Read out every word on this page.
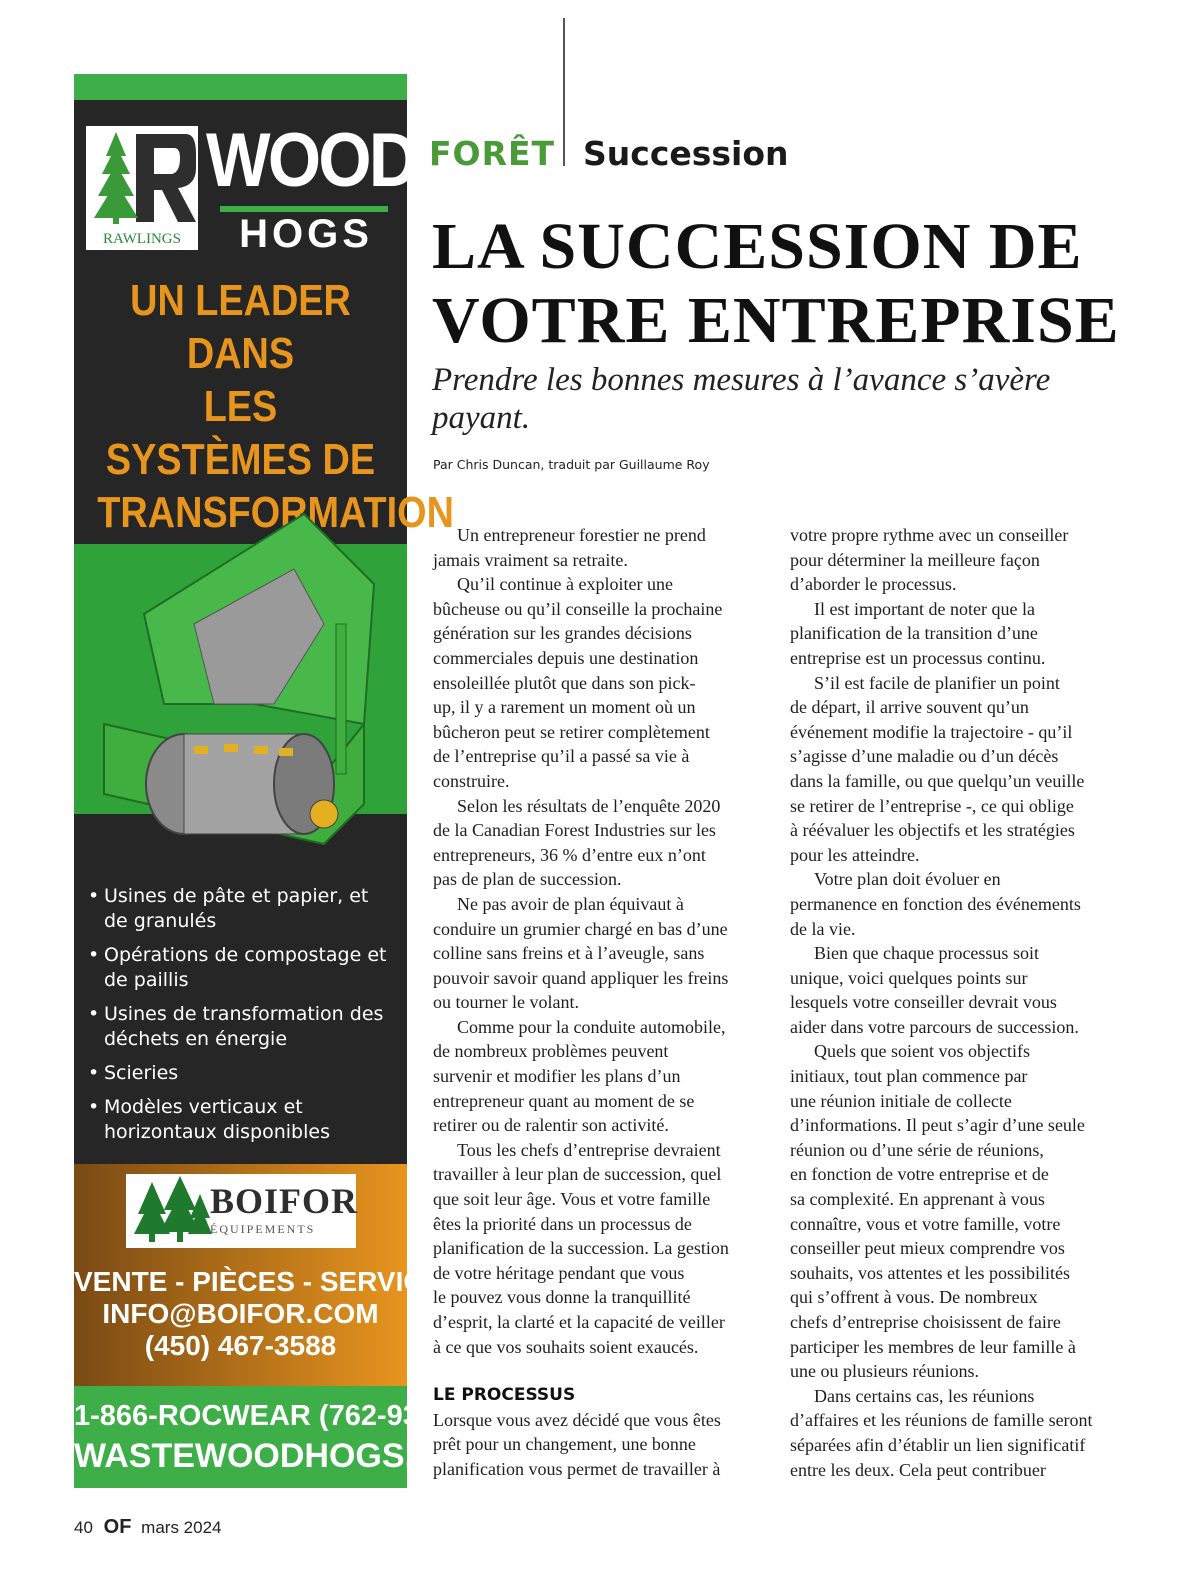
RAWLINGS
WOOD
HOGS
UN LEADER DANS
LES SYSTÈMES DE
TRANSFORMATION
• Usines de pâte et papier, et de granulés
• Opérations de compostage et de paillis
• Usines de transformation des déchets en énergie
• Scieries
• Modèles verticaux et horizontaux disponibles
BOIFOR
ÉQUIPEMENTS
VENTE - PIÈCES - SERVICE
INFO@BOIFOR.COM
(450) 467-3588
1-866-ROCWEAR (762-9327)
WASTEWOODHOGS.com
FORÊT Succession
LA SUCCESSION DE
VOTRE ENTREPRISE
Prendre les bonnes mesures à l’avance s’avère payant.
Par Chris Duncan, traduit par Guillaume Roy
Un entrepreneur forestier ne prend
jamais vraiment sa retraite.
Qu’il continue à exploiter une
bûcheuse ou qu’il conseille la prochaine
génération sur les grandes décisions
commerciales depuis une destination
ensoleillée plutôt que dans son pick-
up, il y a rarement un moment où un
bûcheron peut se retirer complètement
de l’entreprise qu’il a passé sa vie à
construire.
Selon les résultats de l’enquête 2020
de la Canadian Forest Industries sur les
entrepreneurs, 36 % d’entre eux n’ont
pas de plan de succession.
Ne pas avoir de plan équivaut à
conduire un grumier chargé en bas d’une
colline sans freins et à l’aveugle, sans
pouvoir savoir quand appliquer les freins
ou tourner le volant.
Comme pour la conduite automobile,
de nombreux problèmes peuvent
survenir et modifier les plans d’un
entrepreneur quant au moment de se
retirer ou de ralentir son activité.
Tous les chefs d’entreprise devraient
travailler à leur plan de succession, quel
que soit leur âge. Vous et votre famille
êtes la priorité dans un processus de
planification de la succession. La gestion
de votre héritage pendant que vous
le pouvez vous donne la tranquillité
d’esprit, la clarté et la capacité de veiller
à ce que vos souhaits soient exaucés.
LE PROCESSUS
Lorsque vous avez décidé que vous êtes
prêt pour un changement, une bonne
planification vous permet de travailler à
votre propre rythme avec un conseiller
pour déterminer la meilleure façon
d’aborder le processus.
Il est important de noter que la
planification de la transition d’une
entreprise est un processus continu.
S’il est facile de planifier un point
de départ, il arrive souvent qu’un
événement modifie la trajectoire - qu’il
s’agisse d’une maladie ou d’un décès
dans la famille, ou que quelqu’un veuille
se retirer de l’entreprise -, ce qui oblige
à réévaluer les objectifs et les stratégies
pour les atteindre.
Votre plan doit évoluer en
permanence en fonction des événements
de la vie.
Bien que chaque processus soit
unique, voici quelques points sur
lesquels votre conseiller devrait vous
aider dans votre parcours de succession.
Quels que soient vos objectifs
initiaux, tout plan commence par
une réunion initiale de collecte
d’informations. Il peut s’agir d’une seule
réunion ou d’une série de réunions,
en fonction de votre entreprise et de
sa complexité. En apprenant à vous
connaître, vous et votre famille, votre
conseiller peut mieux comprendre vos
souhaits, vos attentes et les possibilités
qui s’offrent à vous. De nombreux
chefs d’entreprise choisissent de faire
participer les membres de leur famille à
une ou plusieurs réunions.
Dans certains cas, les réunions
d’affaires et les réunions de famille seront
séparées afin d’établir un lien significatif
entre les deux. Cela peut contribuer
40 OF mars 2024
